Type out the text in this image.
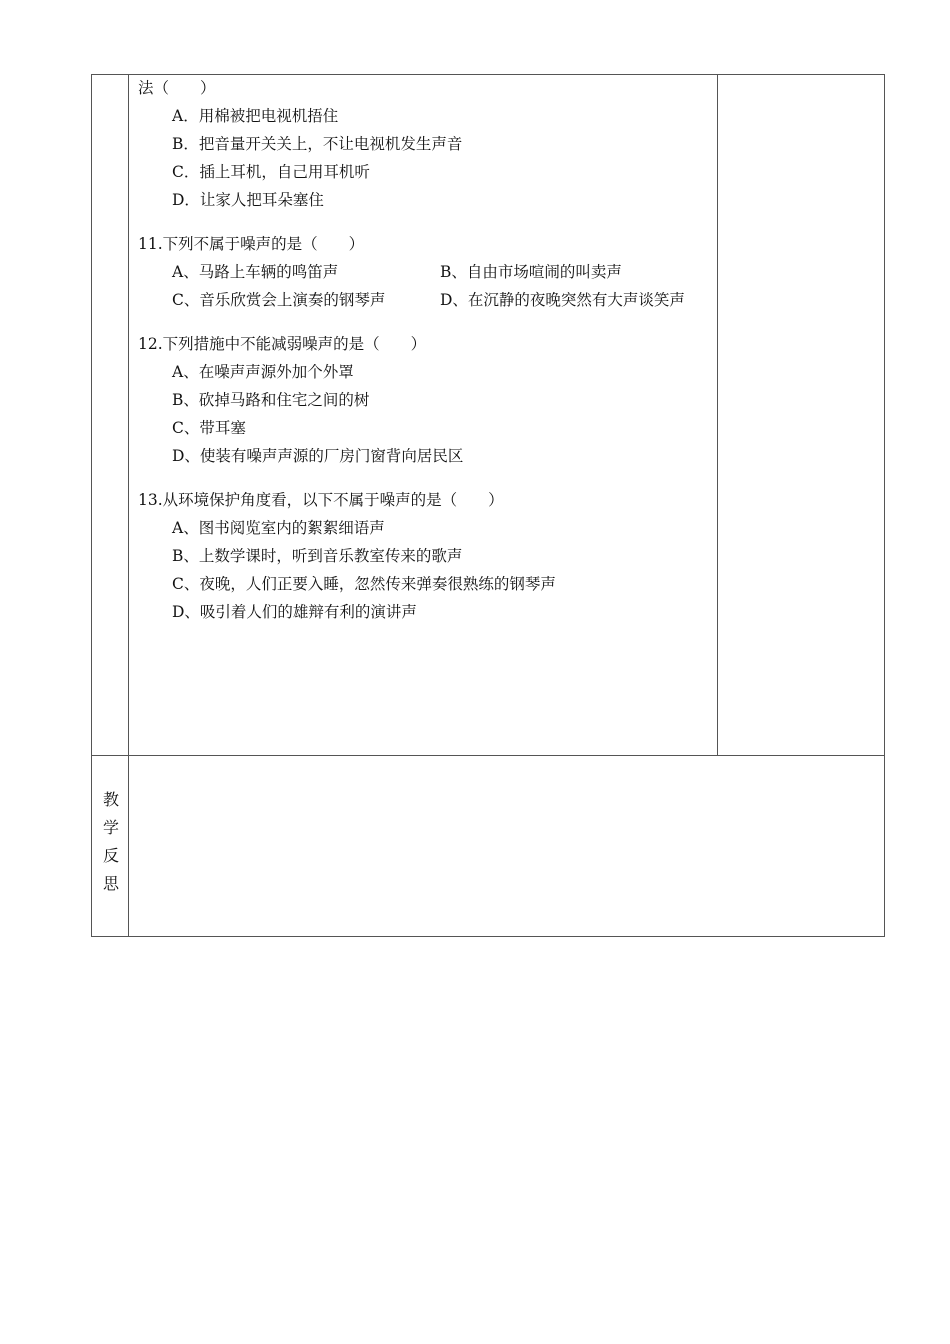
法（　　）
A．用棉被把电视机捂住
B．把音量开关关上，不让电视机发生声音
C．插上耳机，自己用耳机听
D．让家人把耳朵塞住
11.下列不属于噪声的是（　　）
A、马路上车辆的鸣笛声	B、自由市场喧闹的叫卖声
C、音乐欣赏会上演奏的钢琴声	D、在沉静的夜晚突然有大声谈笑声
12.下列措施中不能减弱噪声的是（　　）
A、在噪声声源外加个外罩
B、砍掉马路和住宅之间的树
C、带耳塞
D、使装有噪声声源的厂房门窗背向居民区
13.从环境保护角度看，以下不属于噪声的是（　　）
A、图书阅览室内的絮絮细语声
B、上数学课时，听到音乐教室传来的歌声
C、夜晚，人们正要入睡，忽然传来弹奏很熟练的钢琴声
D、吸引着人们的雄辩有利的演讲声
教
学
反
思
